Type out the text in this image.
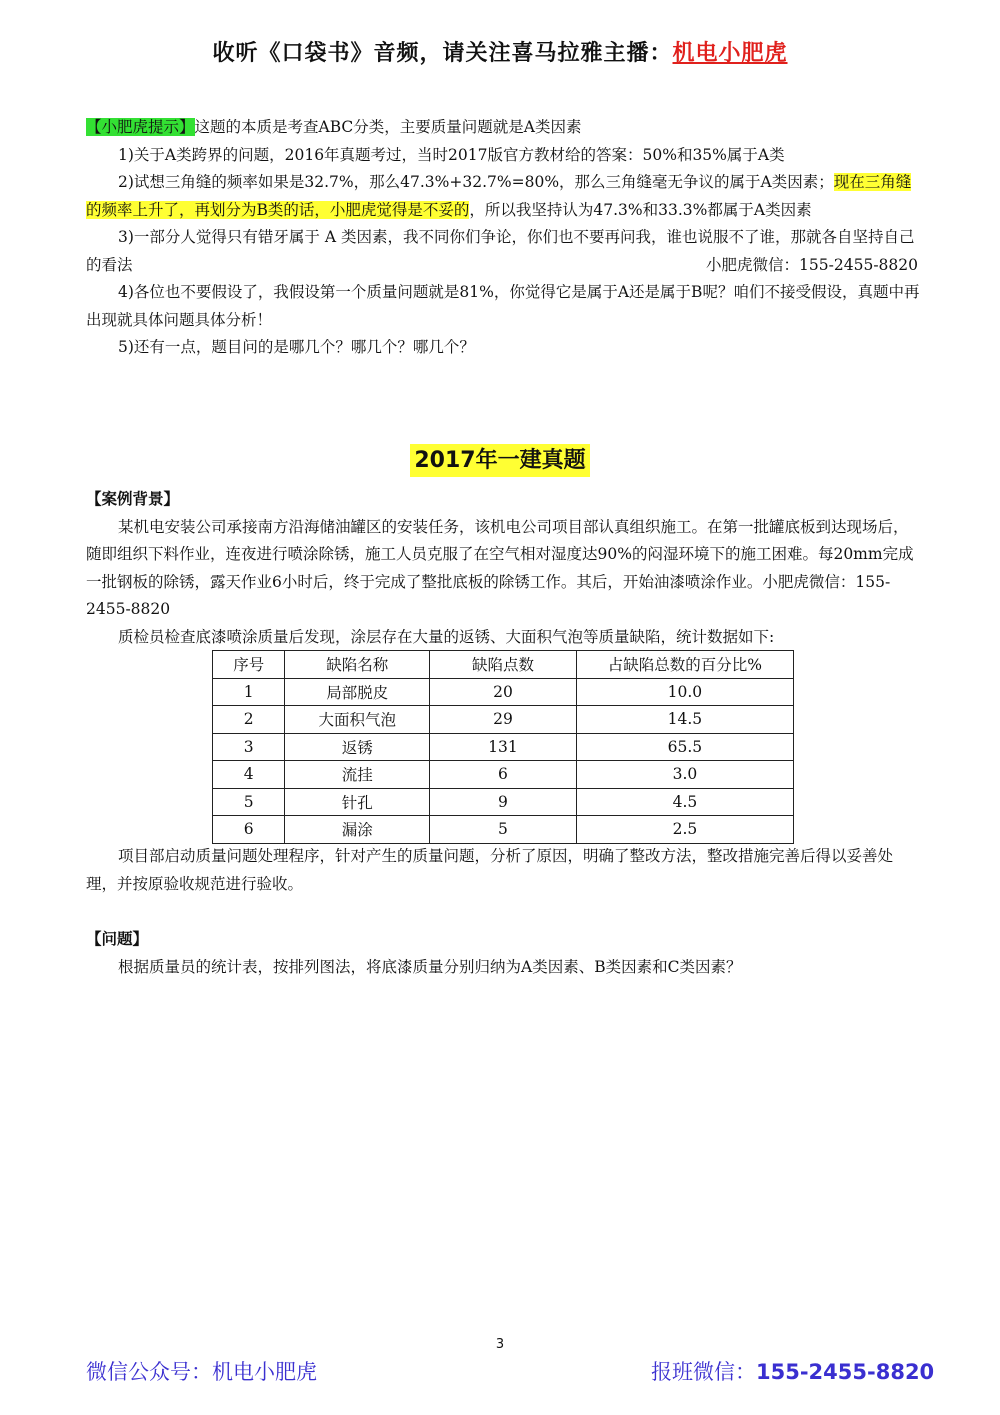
收听《口袋书》音频，请关注喜马拉雅主播：机电小肥虎

【小肥虎提示】这题的本质是考查ABC分类，主要质量问题就是A类因素

1)关于A类跨界的问题，2016年真题考过，当时2017版官方教材给的答案：50%和35%属于A类

2)试想三角缝的频率如果是32.7%，那么47.3%+32.7%=80%，那么三角缝毫无争议的属于A类因素；现在三角缝的频率上升了，再划分为B类的话，小肥虎觉得是不妥的，所以我坚持认为47.3%和33.3%都属于A类因素

3)一部分人觉得只有错牙属于 A 类因素，我不同你们争论，你们也不要再问我，谁也说服不了谁，那就各自坚持自己的看法	小肥虎微信：155-2455-8820

4)各位也不要假设了，我假设第一个质量问题就是81%，你觉得它是属于A还是属于B呢？咱们不接受假设，真题中再出现就具体问题具体分析！

5)还有一点，题目问的是哪几个？哪几个？哪几个？

2017年一建真题

【案例背景】

某机电安装公司承接南方沿海储油罐区的安装任务，该机电公司项目部认真组织施工。在第一批罐底板到达现场后，随即组织下料作业，连夜进行喷涂除锈，施工人员克服了在空气相对湿度达90%的闷湿环境下的施工困难。每20mm完成一批钢板的除锈，露天作业6小时后，终于完成了整批底板的除锈工作。其后，开始油漆喷涂作业。小肥虎微信：155-2455-8820

质检员检查底漆喷涂质量后发现，涂层存在大量的返锈、大面积气泡等质量缺陷，统计数据如下:

序号	缺陷名称	缺陷点数	占缺陷总数的百分比%
1	局部脱皮	20	10.0
2	大面积气泡	29	14.5
3	返锈	131	65.5
4	流挂	6	3.0
5	针孔	9	4.5
6	漏涂	5	2.5

项目部启动质量问题处理程序，针对产生的质量问题，分析了原因，明确了整改方法，整改措施完善后得以妥善处理，并按原验收规范进行验收。

【问题】

根据质量员的统计表，按排列图法，将底漆质量分别归纳为A类因素、B类因素和C类因素？

3
微信公众号：机电小肥虎	报班微信：155-2455-8820
